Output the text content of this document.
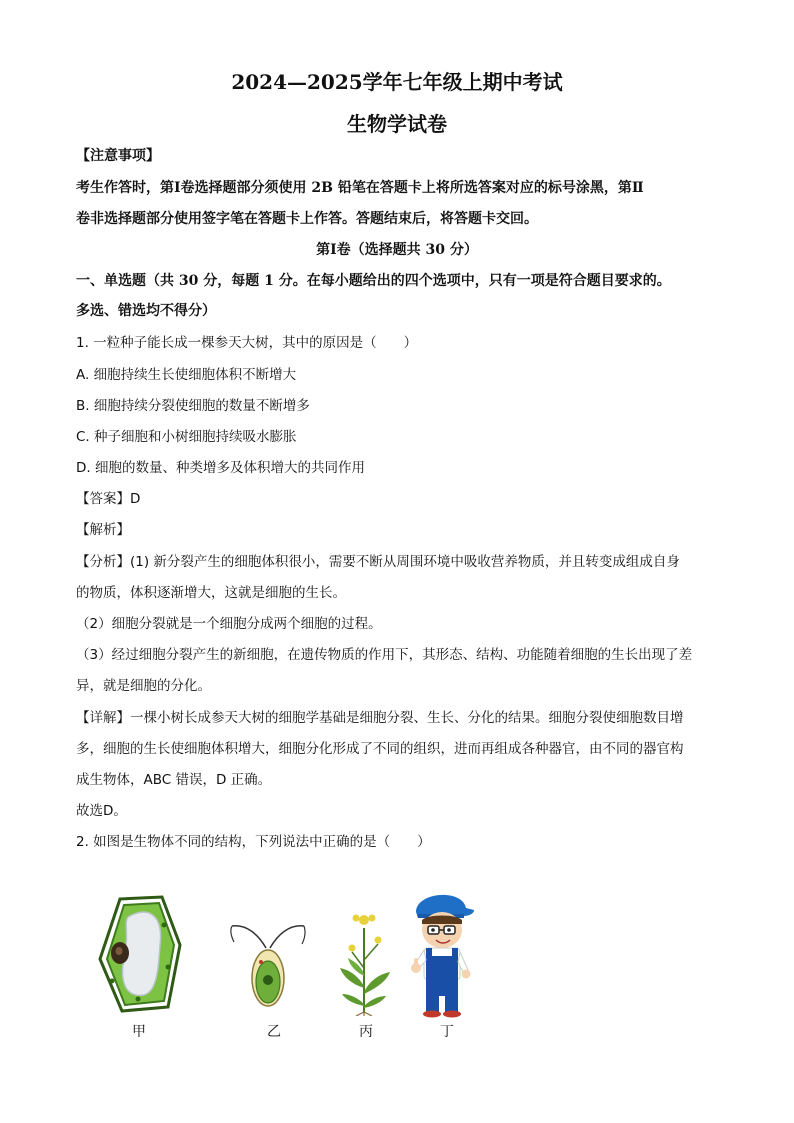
2024—2025学年七年级上期中考试
生物学试卷
【注意事项】
考生作答时，第Ⅰ卷选择题部分须使用 2B 铅笔在答题卡上将所选答案对应的标号涂黑，第Ⅱ
卷非选择题部分使用签字笔在答题卡上作答。答题结束后，将答题卡交回。
第Ⅰ卷（选择题共 30 分）
一、单选题（共 30 分，每题 1 分。在每小题给出的四个选项中，只有一项是符合题目要求的。
多选、错选均不得分）
1. 一粒种子能长成一棵参天大树，其中的原因是（　　）
A. 细胞持续生长使细胞体积不断增大
B. 细胞持续分裂使细胞的数量不断增多
C. 种子细胞和小树细胞持续吸水膨胀
D. 细胞的数量、种类增多及体积增大的共同作用
【答案】D
【解析】
【分析】(1) 新分裂产生的细胞体积很小，需要不断从周围环境中吸收营养物质，并且转变成组成自身
的物质，体积逐渐增大，这就是细胞的生长。
（2）细胞分裂就是一个细胞分成两个细胞的过程。
（3）经过细胞分裂产生的新细胞，在遗传物质的作用下，其形态、结构、功能随着细胞的生长出现了差
异，就是细胞的分化。
【详解】一棵小树长成参天大树的细胞学基础是细胞分裂、生长、分化的结果。细胞分裂使细胞数目增
多，细胞的生长使细胞体积增大，细胞分化形成了不同的组织，进而再组成各种器官，由不同的器官构
成生物体，ABC 错误，D 正确。
故选D。
2. 如图是生物体不同的结构，下列说法中正确的是（　　）
甲	乙	丙	丁
